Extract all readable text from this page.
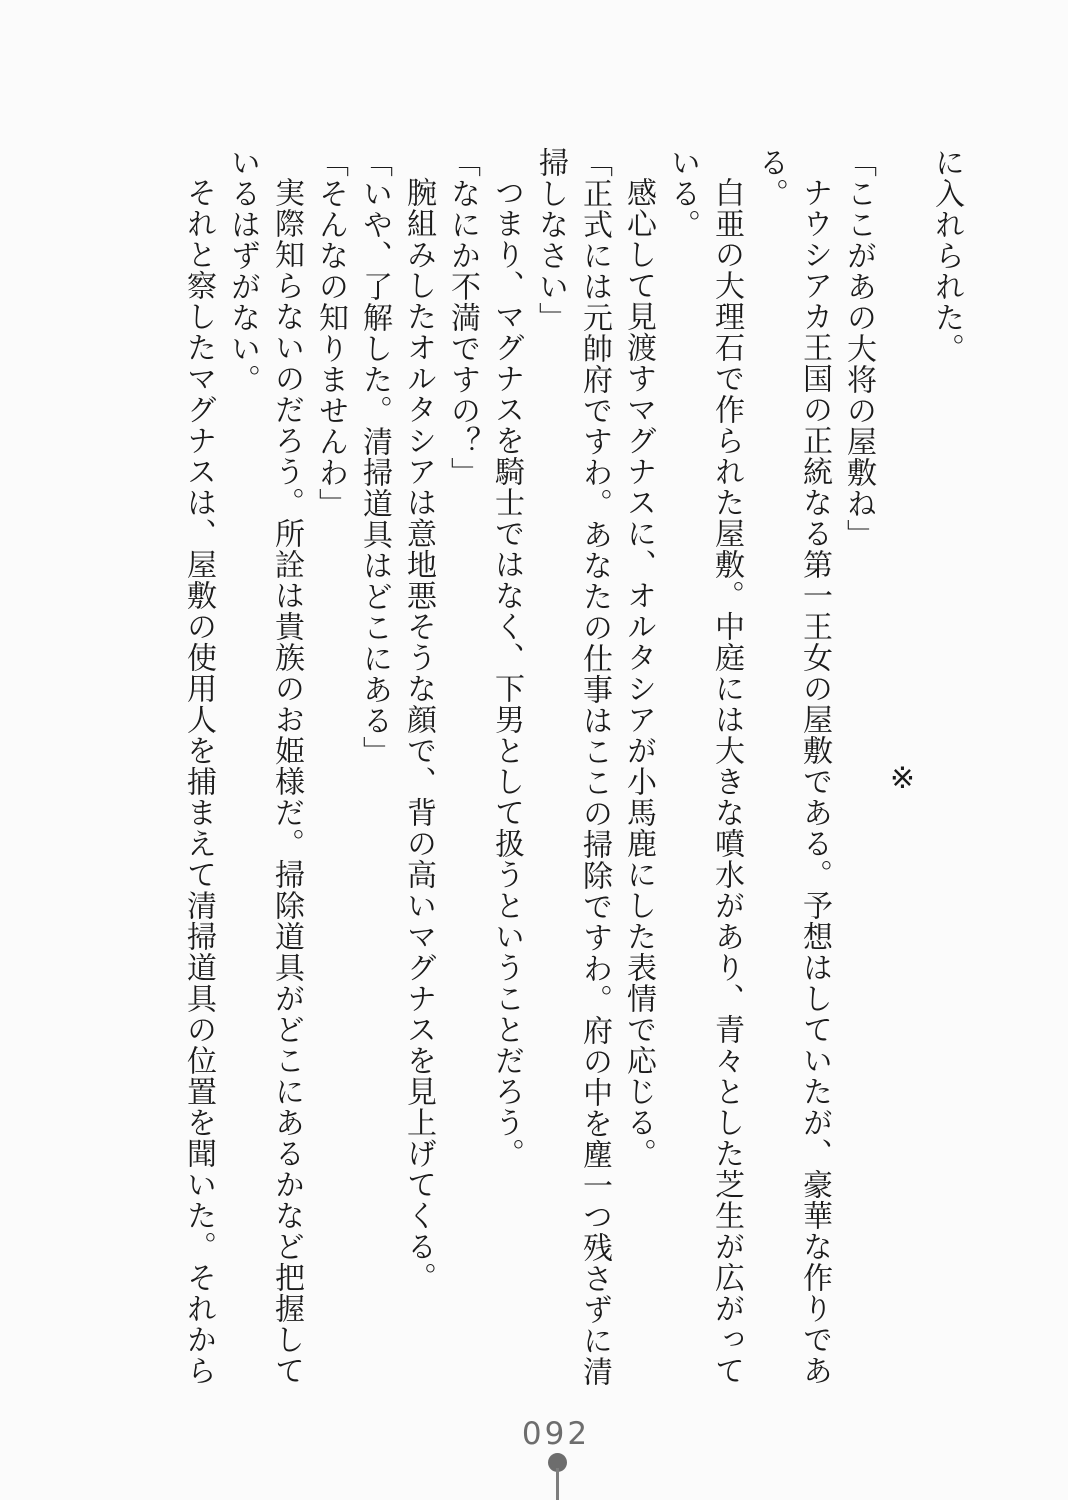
に入れられた。

※

「ここがあの大将の屋敷ね」

ナウシアカ王国の正統なる第一王女の屋敷である。予想はしていたが、豪華な作りであ

る。

白亜の大理石で作られた屋敷。中庭には大きな噴水があり、青々とした芝生が広がって

いる。

感心して見渡すマグナスに、オルタシアが小馬鹿にした表情で応じる。

「正式には元帥府ですわ。あなたの仕事はここの掃除ですわ。府の中を塵一つ残さずに清

掃しなさい」

つまり、マグナスを騎士ではなく、下男として扱うということだろう。

「なにか不満ですの？」

腕組みしたオルタシアは意地悪そうな顔で、背の高いマグナスを見上げてくる。

「いや、了解した。清掃道具はどこにある」

「そんなの知りませんわ」

実際知らないのだろう。所詮は貴族のお姫様だ。掃除道具がどこにあるかなど把握して

いるはずがない。

それと察したマグナスは、屋敷の使用人を捕まえて清掃道具の位置を聞いた。それから

092
